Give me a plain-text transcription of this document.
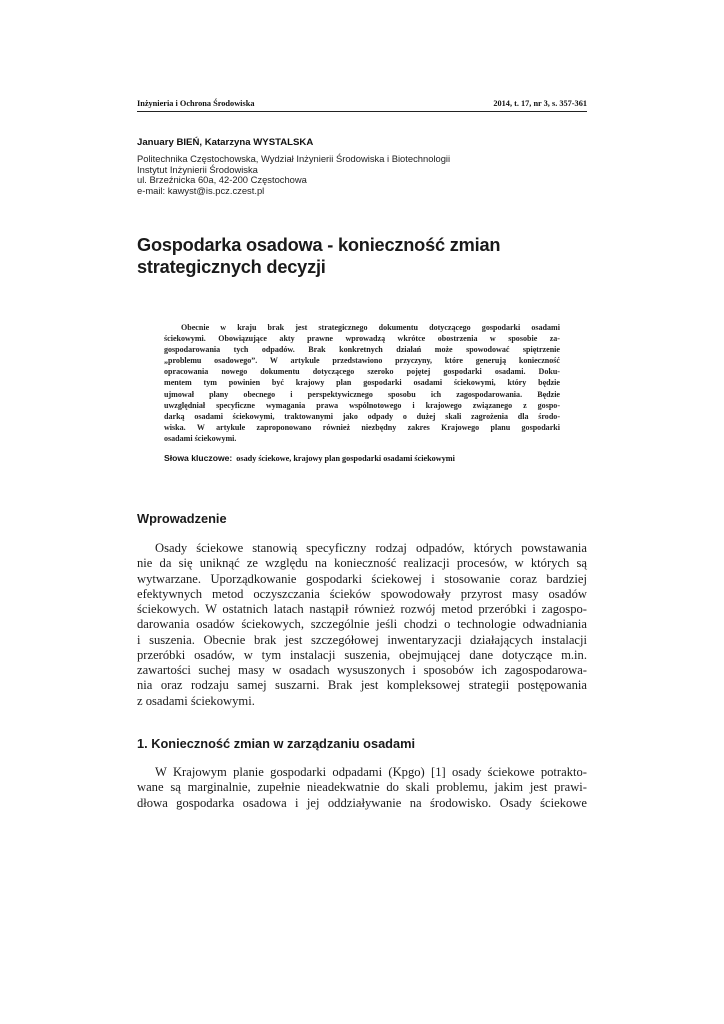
Inżynieria i Ochrona Środowiska	2014, t. 17, nr 3, s. 357-361
January BIEŃ, Katarzyna WYSTALSKA
Politechnika Częstochowska, Wydział Inżynierii Środowiska i Biotechnologii
Instytut Inżynierii Środowiska
ul. Brzeźnicka 60a, 42-200 Częstochowa
e-mail: kawyst@is.pcz.czest.pl
Gospodarka osadowa - konieczność zmian
strategicznych decyzji
Obecnie w kraju brak jest strategicznego dokumentu dotyczącego gospodarki osadami
ściekowymi. Obowiązujące akty prawne wprowadzą wkrótce obostrzenia w sposobie za-
gospodarowania tych odpadów. Brak konkretnych działań może spowodować spiętrzenie
„problemu osadowego”. W artykule przedstawiono przyczyny, które generują konieczność
opracowania nowego dokumentu dotyczącego szeroko pojętej gospodarki osadami. Doku-
mentem tym powinien być krajowy plan gospodarki osadami ściekowymi, który będzie
ujmował plany obecnego i perspektywicznego sposobu ich zagospodarowania. Będzie
uwzględniał specyficzne wymagania prawa wspólnotowego i krajowego związanego z gospo-
darką osadami ściekowymi, traktowanymi jako odpady o dużej skali zagrożenia dla środo-
wiska. W artykule zaproponowano również niezbędny zakres Krajowego planu gospodarki
osadami ściekowymi.
Słowa kluczowe: osady ściekowe, krajowy plan gospodarki osadami ściekowymi
Wprowadzenie
Osady ściekowe stanowią specyficzny rodzaj odpadów, których powstawania
nie da się uniknąć ze względu na konieczność realizacji procesów, w których są
wytwarzane. Uporządkowanie gospodarki ściekowej i stosowanie coraz bardziej
efektywnych metod oczyszczania ścieków spowodowały przyrost masy osadów
ściekowych. W ostatnich latach nastąpił również rozwój metod przeróbki i zagospo-
darowania osadów ściekowych, szczególnie jeśli chodzi o technologie odwadniania
i suszenia. Obecnie brak jest szczegółowej inwentaryzacji działających instalacji
przeróbki osadów, w tym instalacji suszenia, obejmującej dane dotyczące m.in.
zawartości suchej masy w osadach wysuszonych i sposobów ich zagospodarowa-
nia oraz rodzaju samej suszarni. Brak jest kompleksowej strategii postępowania
z osadami ściekowymi.
1. Konieczność zmian w zarządzaniu osadami
W Krajowym planie gospodarki odpadami (Kpgo) [1] osady ściekowe potrakto-
wane są marginalnie, zupełnie nieadekwatnie do skali problemu, jakim jest prawi-
dłowa gospodarka osadowa i jej oddziaływanie na środowisko. Osady ściekowe
